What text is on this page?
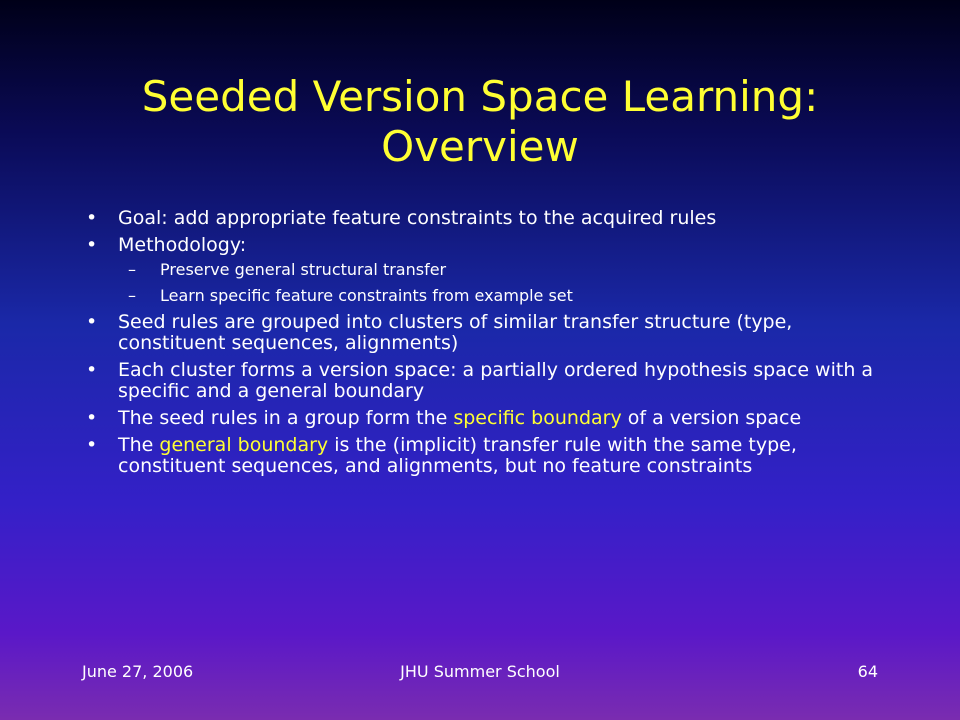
Seeded Version Space Learning:
Overview
• Goal: add appropriate feature constraints to the acquired rules
• Methodology:
– Preserve general structural transfer
– Learn specific feature constraints from example set
• Seed rules are grouped into clusters of similar transfer structure (type, constituent sequences, alignments)
• Each cluster forms a version space: a partially ordered hypothesis space with a specific and a general boundary
• The seed rules in a group form the specific boundary of a version space
• The general boundary is the (implicit) transfer rule with the same type, constituent sequences, and alignments, but no feature constraints
June 27, 2006	JHU Summer School	64
